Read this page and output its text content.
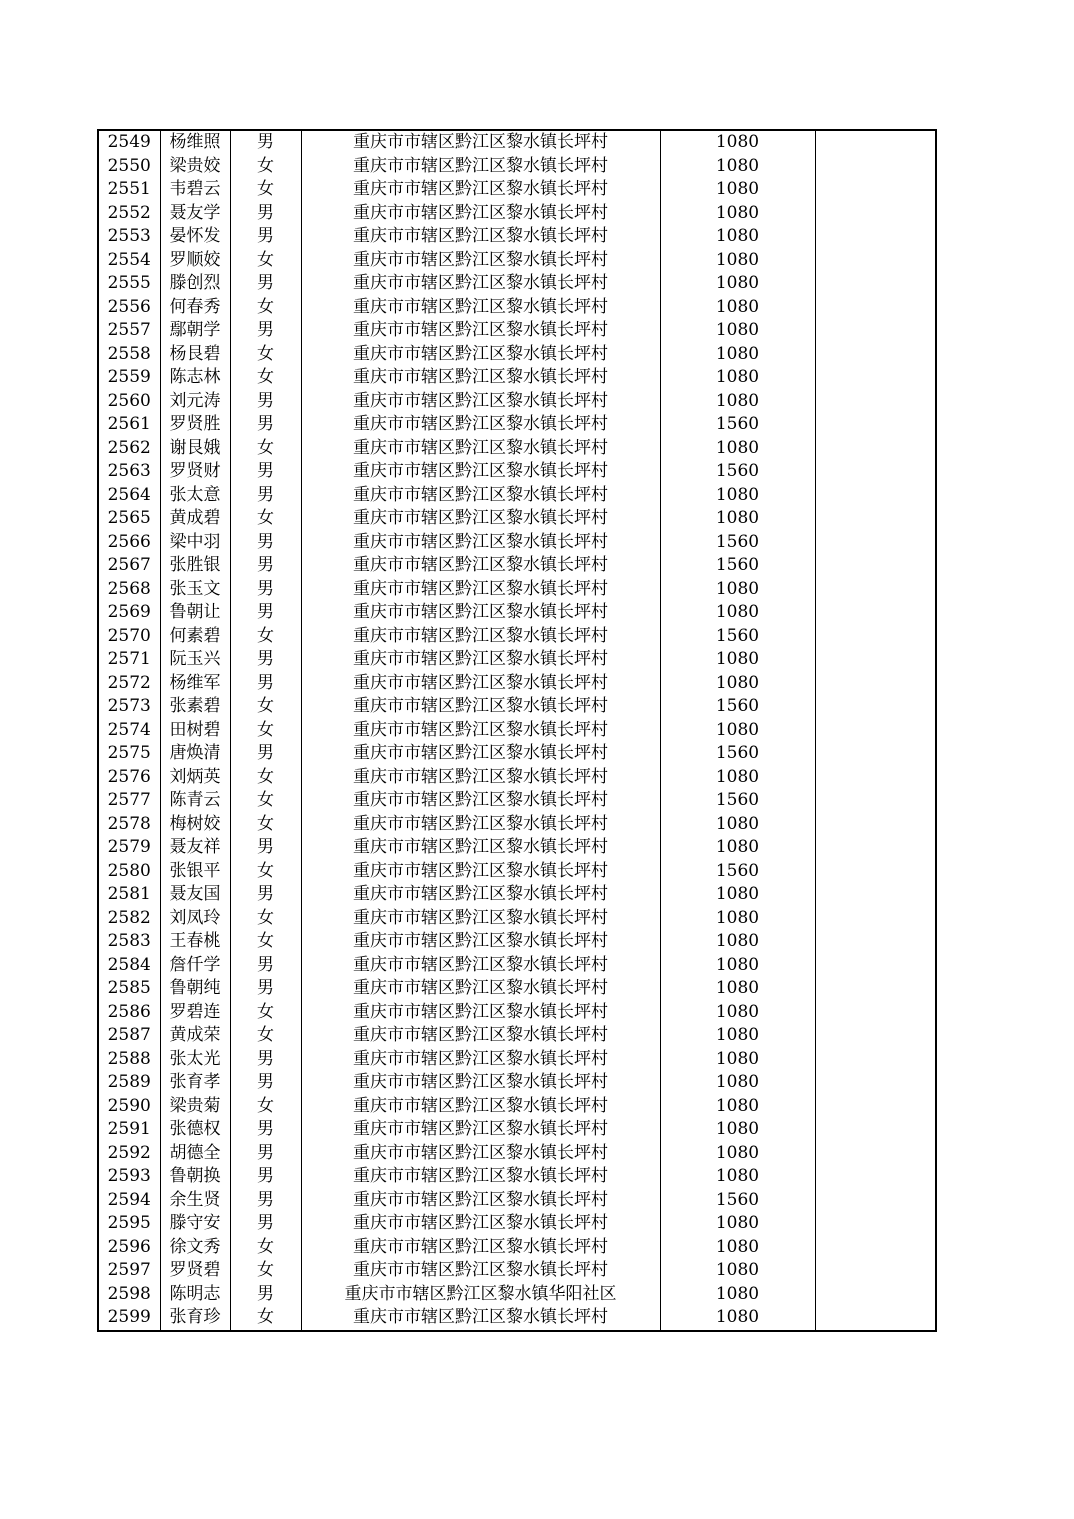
2549	杨维照	男	重庆市市辖区黔江区黎水镇长坪村	1080	
2550	梁贵姣	女	重庆市市辖区黔江区黎水镇长坪村	1080	
2551	韦碧云	女	重庆市市辖区黔江区黎水镇长坪村	1080	
2552	聂友学	男	重庆市市辖区黔江区黎水镇长坪村	1080	
2553	晏怀发	男	重庆市市辖区黔江区黎水镇长坪村	1080	
2554	罗顺姣	女	重庆市市辖区黔江区黎水镇长坪村	1080	
2555	滕创烈	男	重庆市市辖区黔江区黎水镇长坪村	1080	
2556	何春秀	女	重庆市市辖区黔江区黎水镇长坪村	1080	
2557	鄢朝学	男	重庆市市辖区黔江区黎水镇长坪村	1080	
2558	杨艮碧	女	重庆市市辖区黔江区黎水镇长坪村	1080	
2559	陈志林	女	重庆市市辖区黔江区黎水镇长坪村	1080	
2560	刘元涛	男	重庆市市辖区黔江区黎水镇长坪村	1080	
2561	罗贤胜	男	重庆市市辖区黔江区黎水镇长坪村	1560	
2562	谢艮娥	女	重庆市市辖区黔江区黎水镇长坪村	1080	
2563	罗贤财	男	重庆市市辖区黔江区黎水镇长坪村	1560	
2564	张太意	男	重庆市市辖区黔江区黎水镇长坪村	1080	
2565	黄成碧	女	重庆市市辖区黔江区黎水镇长坪村	1080	
2566	梁中羽	男	重庆市市辖区黔江区黎水镇长坪村	1560	
2567	张胜银	男	重庆市市辖区黔江区黎水镇长坪村	1560	
2568	张玉文	男	重庆市市辖区黔江区黎水镇长坪村	1080	
2569	鲁朝让	男	重庆市市辖区黔江区黎水镇长坪村	1080	
2570	何素碧	女	重庆市市辖区黔江区黎水镇长坪村	1560	
2571	阮玉兴	男	重庆市市辖区黔江区黎水镇长坪村	1080	
2572	杨维军	男	重庆市市辖区黔江区黎水镇长坪村	1080	
2573	张素碧	女	重庆市市辖区黔江区黎水镇长坪村	1560	
2574	田树碧	女	重庆市市辖区黔江区黎水镇长坪村	1080	
2575	唐焕清	男	重庆市市辖区黔江区黎水镇长坪村	1560	
2576	刘炳英	女	重庆市市辖区黔江区黎水镇长坪村	1080	
2577	陈青云	女	重庆市市辖区黔江区黎水镇长坪村	1560	
2578	梅树姣	女	重庆市市辖区黔江区黎水镇长坪村	1080	
2579	聂友祥	男	重庆市市辖区黔江区黎水镇长坪村	1080	
2580	张银平	女	重庆市市辖区黔江区黎水镇长坪村	1560	
2581	聂友国	男	重庆市市辖区黔江区黎水镇长坪村	1080	
2582	刘凤玲	女	重庆市市辖区黔江区黎水镇长坪村	1080	
2583	王春桃	女	重庆市市辖区黔江区黎水镇长坪村	1080	
2584	詹仟学	男	重庆市市辖区黔江区黎水镇长坪村	1080	
2585	鲁朝纯	男	重庆市市辖区黔江区黎水镇长坪村	1080	
2586	罗碧连	女	重庆市市辖区黔江区黎水镇长坪村	1080	
2587	黄成荣	女	重庆市市辖区黔江区黎水镇长坪村	1080	
2588	张太光	男	重庆市市辖区黔江区黎水镇长坪村	1080	
2589	张育孝	男	重庆市市辖区黔江区黎水镇长坪村	1080	
2590	梁贵菊	女	重庆市市辖区黔江区黎水镇长坪村	1080	
2591	张德权	男	重庆市市辖区黔江区黎水镇长坪村	1080	
2592	胡德全	男	重庆市市辖区黔江区黎水镇长坪村	1080	
2593	鲁朝换	男	重庆市市辖区黔江区黎水镇长坪村	1080	
2594	余生贤	男	重庆市市辖区黔江区黎水镇长坪村	1560	
2595	滕守安	男	重庆市市辖区黔江区黎水镇长坪村	1080	
2596	徐文秀	女	重庆市市辖区黔江区黎水镇长坪村	1080	
2597	罗贤碧	女	重庆市市辖区黔江区黎水镇长坪村	1080	
2598	陈明志	男	重庆市市辖区黔江区黎水镇华阳社区	1080	
2599	张育珍	女	重庆市市辖区黔江区黎水镇长坪村	1080	
